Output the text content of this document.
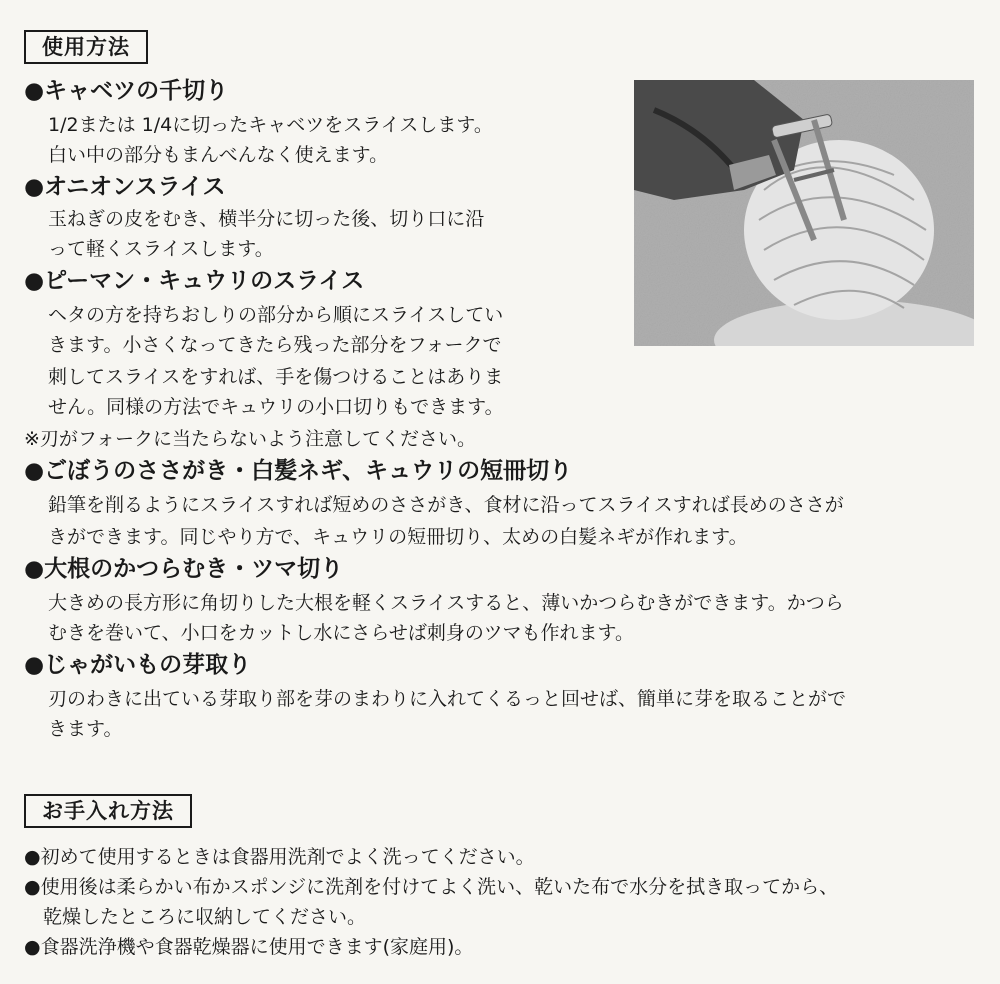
使用方法
●キャベツの千切り
1/2または 1/4に切ったキャベツをスライスします。
白い中の部分もまんべんなく使えます。
●オニオンスライス
玉ねぎの皮をむき、横半分に切った後、切り口に沿
って軽くスライスします。
●ピーマン・キュウリのスライス
ヘタの方を持ちおしりの部分から順にスライスしてい
きます。小さくなってきたら残った部分をフォークで
刺してスライスをすれば、手を傷つけることはありま
せん。同様の方法でキュウリの小口切りもできます。
※刃がフォークに当たらないよう注意してください。
●ごぼうのささがき・白髪ネギ、キュウリの短冊切り
鉛筆を削るようにスライスすれば短めのささがき、食材に沿ってスライスすれば長めのささが
きができます。同じやり方で、キュウリの短冊切り、太めの白髪ネギが作れます。
●大根のかつらむき・ツマ切り
大きめの長方形に角切りした大根を軽くスライスすると、薄いかつらむきができます。かつら
むきを巻いて、小口をカットし水にさらせば刺身のツマも作れます。
●じゃがいもの芽取り
刃のわきに出ている芽取り部を芽のまわりに入れてくるっと回せば、簡単に芽を取ることがで
きます。
お手入れ方法
●初めて使用するときは食器用洗剤でよく洗ってください。
●使用後は柔らかい布かスポンジに洗剤を付けてよく洗い、乾いた布で水分を拭き取ってから、
　乾燥したところに収納してください。
●食器洗浄機や食器乾燥器に使用できます(家庭用)。
